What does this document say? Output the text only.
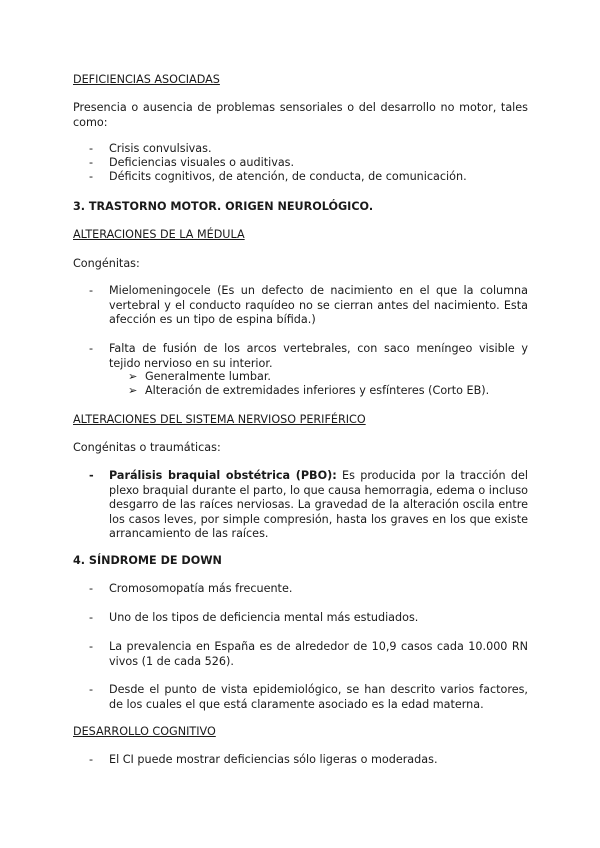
DEFICIENCIAS ASOCIADAS
Presencia o ausencia de problemas sensoriales o del desarrollo no motor, tales como:
- Crisis convulsivas.
- Deficiencias visuales o auditivas.
- Déficits cognitivos, de atención, de conducta, de comunicación.
3. TRASTORNO MOTOR. ORIGEN NEUROLÓGICO.
ALTERACIONES DE LA MÉDULA
Congénitas:
- Mielomeningocele (Es un defecto de nacimiento en el que la columna vertebral y el conducto raquídeo no se cierran antes del nacimiento. Esta afección es un tipo de espina bífida.)
- Falta de fusión de los arcos vertebrales, con saco meníngeo visible y tejido nervioso en su interior.
➢ Generalmente lumbar.
➢ Alteración de extremidades inferiores y esfínteres (Corto EB).
ALTERACIONES DEL SISTEMA NERVIOSO PERIFÉRICO
Congénitas o traumáticas:
- Parálisis braquial obstétrica (PBO): Es producida por la tracción del plexo braquial durante el parto, lo que causa hemorragia, edema o incluso desgarro de las raíces nerviosas. La gravedad de la alteración oscila entre los casos leves, por simple compresión, hasta los graves en los que existe arrancamiento de las raíces.
4. SÍNDROME DE DOWN
- Cromosomopatía más frecuente.
- Uno de los tipos de deficiencia mental más estudiados.
- La prevalencia en España es de alrededor de 10,9 casos cada 10.000 RN vivos (1 de cada 526).
- Desde el punto de vista epidemiológico, se han descrito varios factores, de los cuales el que está claramente asociado es la edad materna.
DESARROLLO COGNITIVO
- El CI puede mostrar deficiencias sólo ligeras o moderadas.
